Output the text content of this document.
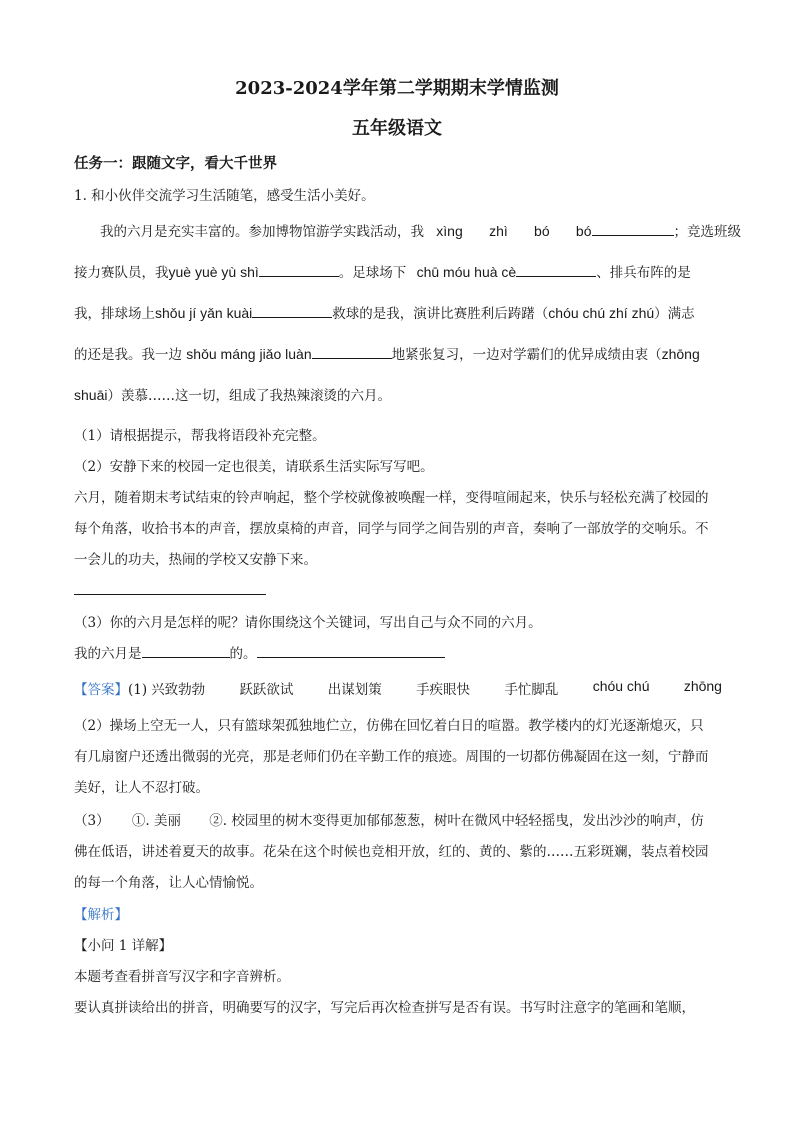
2023-2024学年第二学期期末学情监测
五年级语文
任务一：跟随文字，看大千世界
1. 和小伙伴交流学习生活随笔，感受生活小美好。
我的六月是充实丰富的。参加博物馆游学实践活动，我 xìng zhì bó bó	；竞选班级
接力赛队员，我yuè yuè yù shì	。足球场下 chū móu huà cè	、排兵布阵的是
我，排球场上shǒu jí yǎn kuài	救球的是我，演讲比赛胜利后踌躇（chóu chú zhí zhú）满志
的还是我。我一边 shǒu máng jiǎo luàn	地紧张复习，一边对学霸们的优异成绩由衷（zhōng
shuāi）羡慕……这一切，组成了我热辣滚烫的六月。
（1）请根据提示，帮我将语段补充完整。
（2）安静下来的校园一定也很美，请联系生活实际写写吧。
六月，随着期末考试结束的铃声响起，整个学校就像被唤醒一样，变得喧闹起来，快乐与轻松充满了校园的
每个角落，收拾书本的声音，摆放桌椅的声音，同学与同学之间告别的声音，奏响了一部放学的交响乐。不
一会儿的功夫，热闹的学校又安静下来。
（3）你的六月是怎样的呢？请你围绕这个关键词，写出自己与众不同的六月。
我的六月是	的。
【答案】(1) 兴致勃勃	跃跃欲试	出谋划策	手疾眼快	手忙脚乱 chóu chú zhōng
（2）操场上空无一人，只有篮球架孤独地伫立，仿佛在回忆着白日的喧嚣。教学楼内的灯光逐渐熄灭，只
有几扇窗户还透出微弱的光亮，那是老师们仍在辛勤工作的痕迹。周围的一切都仿佛凝固在这一刻，宁静而
美好，让人不忍打破。
（3） ①. 美丽 ②. 校园里的树木变得更加郁郁葱葱，树叶在微风中轻轻摇曳，发出沙沙的响声，仿
佛在低语，讲述着夏天的故事。花朵在这个时候也竞相开放，红的、黄的、紫的……五彩斑斓，装点着校园
的每一个角落，让人心情愉悦。
【解析】
【小问 1 详解】
本题考查看拼音写汉字和字音辨析。
要认真拼读给出的拼音，明确要写的汉字，写完后再次检查拼写是否有误。书写时注意字的笔画和笔顺，
